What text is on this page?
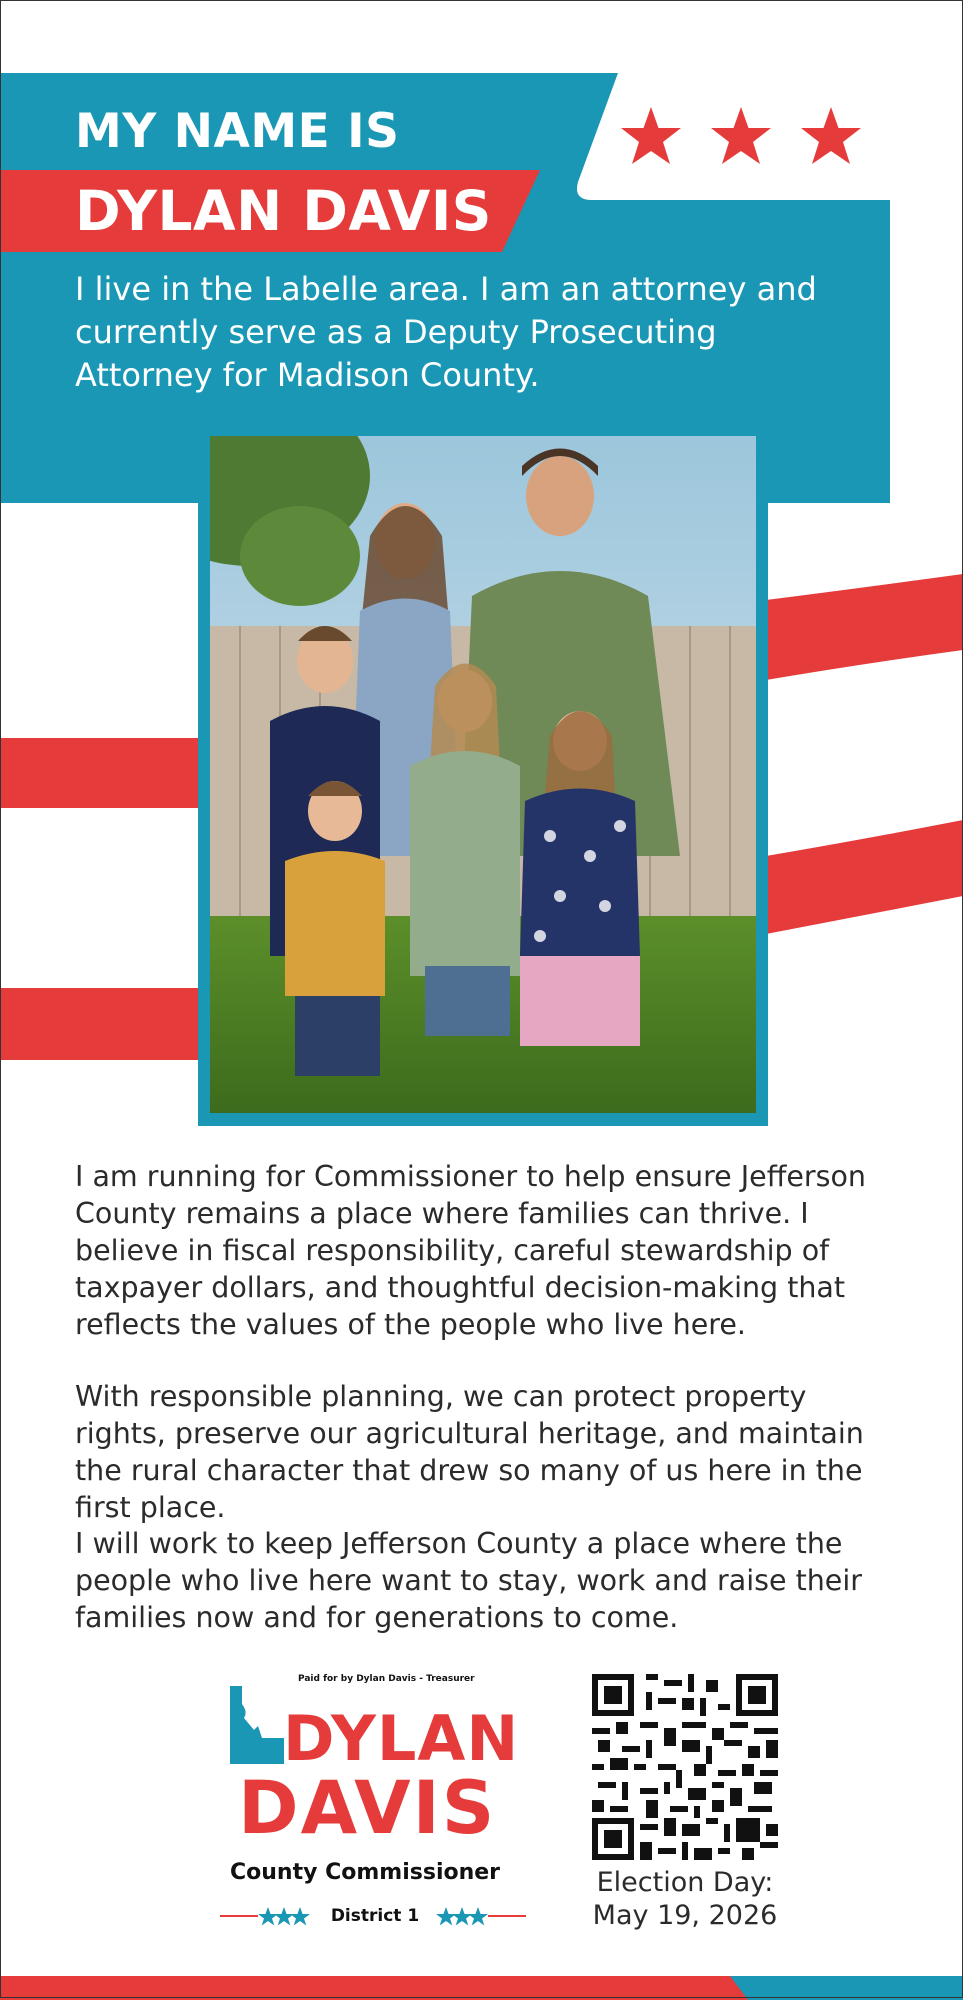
MY NAME IS
DYLAN DAVIS
I live in the Labelle area. I am an attorney and currently serve as a Deputy Prosecuting Attorney for Madison County.
I am running for Commissioner to help ensure Jefferson County remains a place where families can thrive. I believe in fiscal responsibility, careful stewardship of taxpayer dollars, and thoughtful decision-making that reflects the values of the people who live here.
With responsible planning, we can protect property rights, preserve our agricultural heritage, and maintain the rural character that drew so many of us here in the first place.
I will work to keep Jefferson County a place where the people who live here want to stay, work and raise their families now and for generations to come.
Paid for by Dylan Davis - Treasurer
DYLAN
DAVIS
County Commissioner
District 1
Election Day:
May 19, 2026
